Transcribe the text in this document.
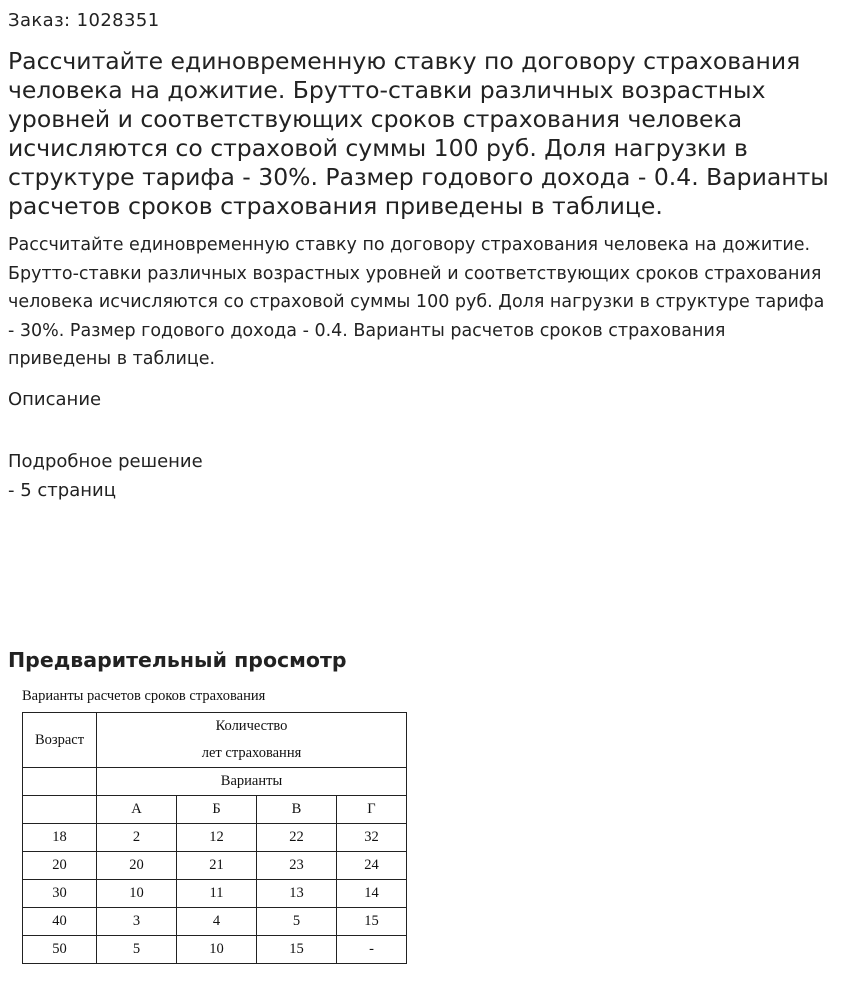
Заказ: 1028351
Рассчитайте единовременную ставку по договору страхования человека на дожитие. Брутто-ставки различных возрастных уровней и соответствующих сроков страхования человека исчисляются со страховой суммы 100 руб. Доля нагрузки в структуре тарифа - 30%. Размер годового дохода - 0.4. Варианты расчетов сроков страхования приведены в таблице.
Рассчитайте единовременную ставку по договору страхования человека на дожитие. Брутто-ставки различных возрастных уровней и соответствующих сроков страхования человека исчисляются со страховой суммы 100 руб. Доля нагрузки в структуре тарифа - 30%. Размер годового дохода - 0.4. Варианты расчетов сроков страхования приведены в таблице.
Описание
Подробное решение
- 5 страниц
Предварительный просмотр
Варианты расчетов сроков страхования
Возраст	Количество
лет страховання			

	Варианты			
	А	Б	В	Г
18	2	12	22	32
20	20	21	23	24
30	10	11	13	14
40	3	4	5	15
50	5	10	15	-
